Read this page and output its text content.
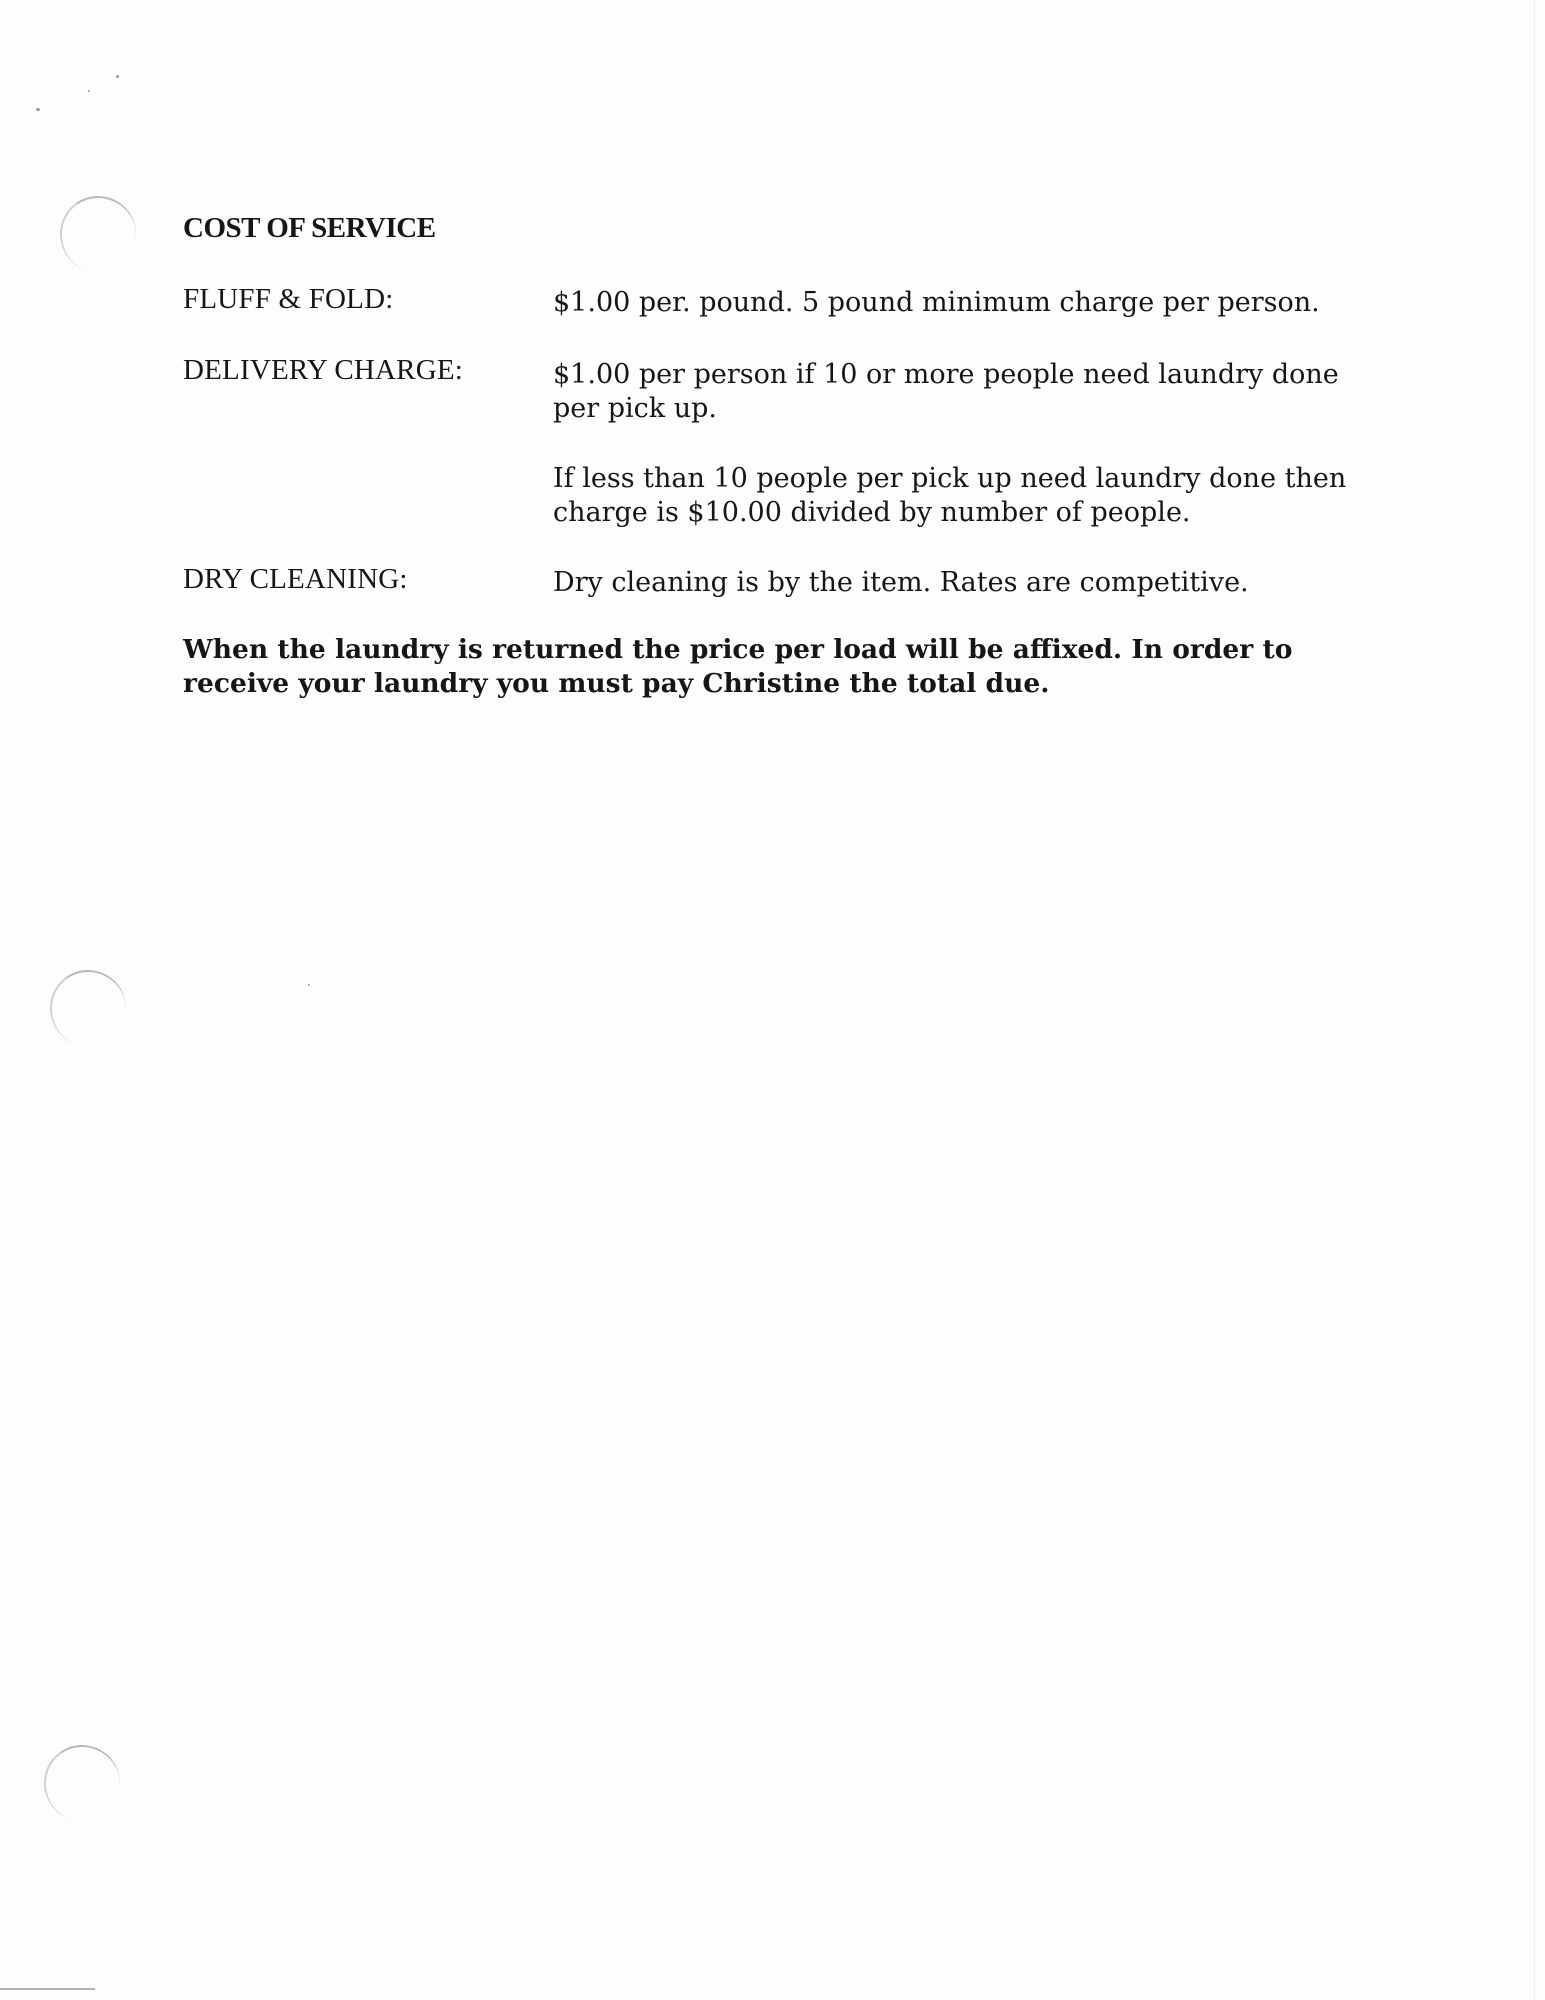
COST OF SERVICE
FLUFF & FOLD:	$1.00 per. pound. 5 pound minimum charge per person.
DELIVERY CHARGE:	$1.00 per person if 10 or more people need laundry done per pick up.
If less than 10 people per pick up need laundry done then charge is $10.00 divided by number of people.
DRY CLEANING:	Dry cleaning is by the item. Rates are competitive.
When the laundry is returned the price per load will be affixed. In order to receive your laundry you must pay Christine the total due.
